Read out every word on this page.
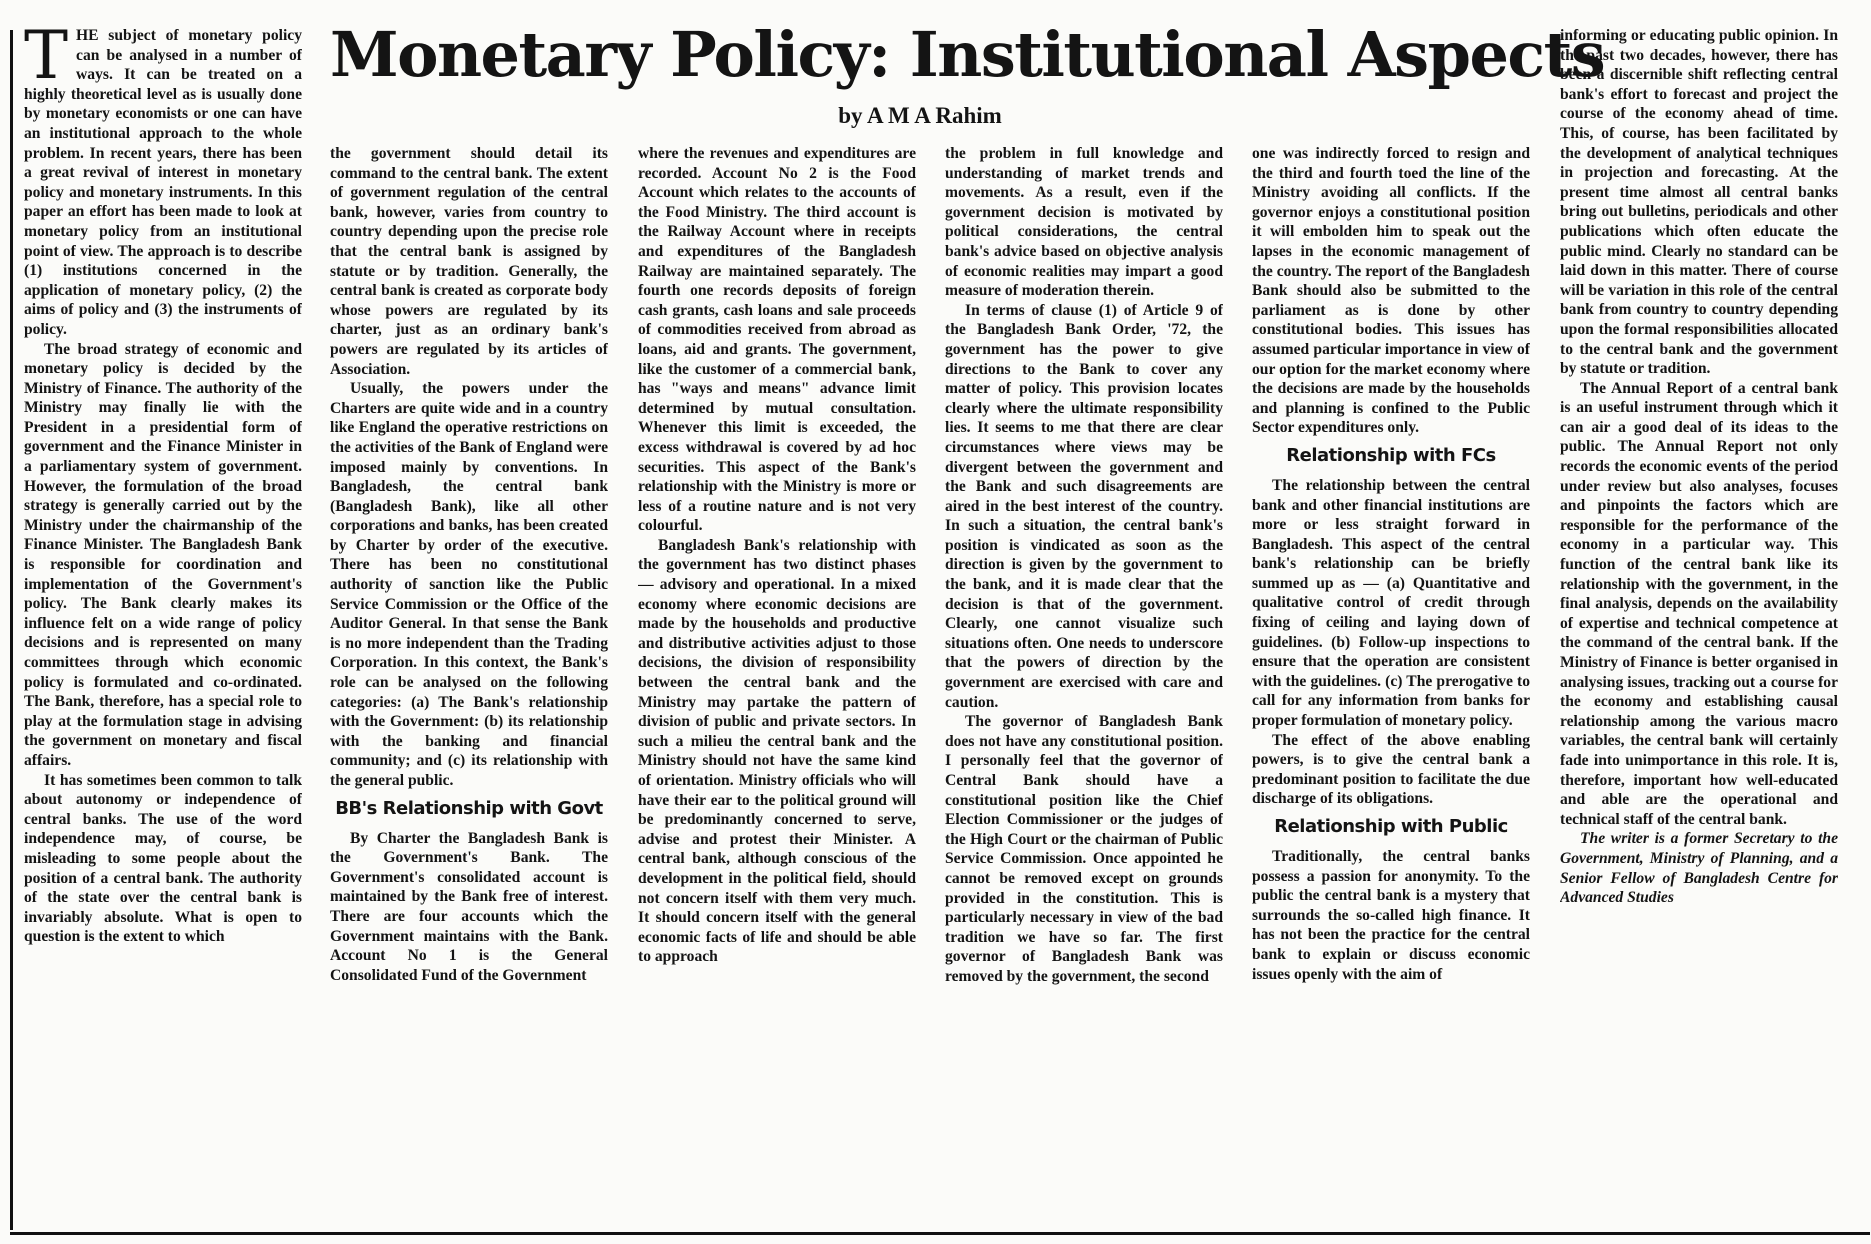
Monetary Policy: Institutional Aspects
by A M A Rahim
T HE subject of monetary policy can be analysed in a number of ways. It can be treated on a highly theoretical level as is usually done by monetary economists or one can have an institutional approach to the whole problem. In recent years, there has been a great revival of interest in monetary policy and monetary instruments. In this paper an effort has been made to look at monetary policy from an institutional point of view. The approach is to describe (1) institutions concerned in the application of monetary policy, (2) the aims of policy and (3) the instruments of policy.

The broad strategy of economic and monetary policy is decided by the Ministry of Finance. The authority of the Ministry may finally lie with the President in a presidential form of government and the Finance Minister in a parliamentary system of government. However, the formulation of the broad strategy is generally carried out by the Ministry under the chairmanship of the Finance Minister. The Bangladesh Bank is responsible for coordination and implementation of the Government's policy. The Bank clearly makes its influence felt on a wide range of policy decisions and is represented on many committees through which economic policy is formulated and co-ordinated. The Bank, therefore, has a special role to play at the formulation stage in advising the government on monetary and fiscal affairs.

It has sometimes been common to talk about autonomy or independence of central banks. The use of the word independence may, of course, be misleading to some people about the position of a central bank. The authority of the state over the central bank is invariably absolute. What is open to question is the extent to which

the government should detail its command to the central bank. The extent of government regulation of the central bank, however, varies from country to country depending upon the precise role that the central bank is assigned by statute or by tradition. Generally, the central bank is created as corporate body whose powers are regulated by its charter, just as an ordinary bank's powers are regulated by its articles of Association.

Usually, the powers under the Charters are quite wide and in a country like England the operative restrictions on the activities of the Bank of England were imposed mainly by conventions. In Bangladesh, the central bank (Bangladesh Bank), like all other corporations and banks, has been created by Charter by order of the executive. There has been no constitutional authority of sanction like the Public Service Commission or the Office of the Auditor General. In that sense the Bank is no more independent than the Trading Corporation. In this context, the Bank's role can be analysed on the following categories: (a) The Bank's relationship with the Government: (b) its relationship with the banking and financial community; and (c) its relationship with the general public.

BB's Relationship with Govt

By Charter the Bangladesh Bank is the Government's Bank. The Government's consolidated account is maintained by the Bank free of interest. There are four accounts which the Government maintains with the Bank. Account No 1 is the General Consolidated Fund of the Government

where the revenues and expenditures are recorded. Account No 2 is the Food Account which relates to the accounts of the Food Ministry. The third account is the Railway Account where in receipts and expenditures of the Bangladesh Railway are maintained separately. The fourth one records deposits of foreign cash grants, cash loans and sale proceeds of commodities received from abroad as loans, aid and grants. The government, like the customer of a commercial bank, has "ways and means" advance limit determined by mutual consultation. Whenever this limit is exceeded, the excess withdrawal is covered by ad hoc securities. This aspect of the Bank's relationship with the Ministry is more or less of a routine nature and is not very colourful.

Bangladesh Bank's relationship with the government has two distinct phases — advisory and operational. In a mixed economy where economic decisions are made by the households and productive and distributive activities adjust to those decisions, the division of responsibility between the central bank and the Ministry may partake the pattern of division of public and private sectors. In such a milieu the central bank and the Ministry should not have the same kind of orientation. Ministry officials who will have their ear to the political ground will be predominantly concerned to serve, advise and protest their Minister. A central bank, although conscious of the development in the political field, should not concern itself with them very much. It should concern itself with the general economic facts of life and should be able to approach

the problem in full knowledge and understanding of market trends and movements. As a result, even if the government decision is motivated by political considerations, the central bank's advice based on objective analysis of economic realities may impart a good measure of moderation therein.

In terms of clause (1) of Article 9 of the Bangladesh Bank Order, '72, the government has the power to give directions to the Bank to cover any matter of policy. This provision locates clearly where the ultimate responsibility lies. It seems to me that there are clear circumstances where views may be divergent between the government and the Bank and such disagreements are aired in the best interest of the country. In such a situation, the central bank's position is vindicated as soon as the direction is given by the government to the bank, and it is made clear that the decision is that of the government. Clearly, one cannot visualize such situations often. One needs to underscore that the powers of direction by the government are exercised with care and caution.

The governor of Bangladesh Bank does not have any constitutional position. I personally feel that the governor of Central Bank should have a constitutional position like the Chief Election Commissioner or the judges of the High Court or the chairman of Public Service Commission. Once appointed he cannot be removed except on grounds provided in the constitution. This is particularly necessary in view of the bad tradition we have so far. The first governor of Bangladesh Bank was removed by the government, the second

one was indirectly forced to resign and the third and fourth toed the line of the Ministry avoiding all conflicts. If the governor enjoys a constitutional position it will embolden him to speak out the lapses in the economic management of the country. The report of the Bangladesh Bank should also be submitted to the parliament as is done by other constitutional bodies. This issues has assumed particular importance in view of our option for the market economy where the decisions are made by the households and planning is confined to the Public Sector expenditures only.

Relationship with FCs

The relationship between the central bank and other financial institutions are more or less straight forward in Bangladesh. This aspect of the central bank's relationship can be briefly summed up as — (a) Quantitative and qualitative control of credit through fixing of ceiling and laying down of guidelines. (b) Follow-up inspections to ensure that the operation are consistent with the guidelines. (c) The prerogative to call for any information from banks for proper formulation of monetary policy.

The effect of the above enabling powers, is to give the central bank a predominant position to facilitate the due discharge of its obligations.

Relationship with Public

Traditionally, the central banks possess a passion for anonymity. To the public the central bank is a mystery that surrounds the so-called high finance. It has not been the practice for the central bank to explain or discuss economic issues openly with the aim of

informing or educating public opinion. In the past two decades, however, there has been a discernible shift reflecting central bank's effort to forecast and project the course of the economy ahead of time. This, of course, has been facilitated by the development of analytical techniques in projection and forecasting. At the present time almost all central banks bring out bulletins, periodicals and other publications which often educate the public mind. Clearly no standard can be laid down in this matter. There of course will be variation in this role of the central bank from country to country depending upon the formal responsibilities allocated to the central bank and the government by statute or tradition.

The Annual Report of a central bank is an useful instrument through which it can air a good deal of its ideas to the public. The Annual Report not only records the economic events of the period under review but also analyses, focuses and pinpoints the factors which are responsible for the performance of the economy in a particular way. This function of the central bank like its relationship with the government, in the final analysis, depends on the availability of expertise and technical competence at the command of the central bank. If the Ministry of Finance is better organised in analysing issues, tracking out a course for the economy and establishing causal relationship among the various macro variables, the central bank will certainly fade into unimportance in this role. It is, therefore, important how well-educated and able are the operational and technical staff of the central bank.

The writer is a former Secretary to the Government, Ministry of Planning, and a Senior Fellow of Bangladesh Centre for Advanced Studies
